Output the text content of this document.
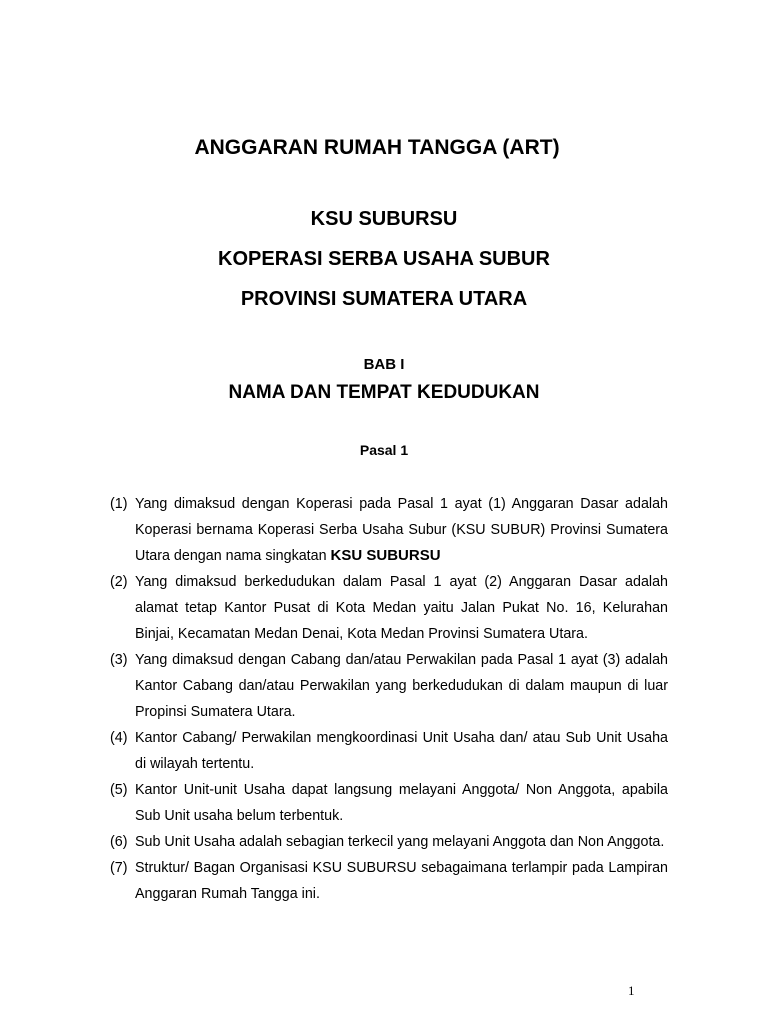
ANGGARAN RUMAH TANGGA (ART)
KSU SUBURSU
KOPERASI SERBA USAHA SUBUR
PROVINSI SUMATERA UTARA
BAB I
NAMA DAN TEMPAT KEDUDUKAN
Pasal 1
(1) Yang dimaksud dengan Koperasi pada Pasal 1 ayat (1) Anggaran Dasar adalah Koperasi bernama Koperasi Serba Usaha Subur (KSU SUBUR) Provinsi Sumatera Utara dengan nama singkatan KSU SUBURSU
(2) Yang dimaksud berkedudukan dalam Pasal 1 ayat (2) Anggaran Dasar adalah alamat tetap Kantor Pusat di Kota Medan yaitu Jalan Pukat No. 16, Kelurahan Binjai, Kecamatan Medan Denai, Kota Medan Provinsi Sumatera Utara.
(3) Yang dimaksud dengan Cabang dan/atau Perwakilan pada Pasal 1 ayat (3) adalah Kantor Cabang dan/atau Perwakilan yang berkedudukan di dalam maupun di luar Propinsi Sumatera Utara.
(4) Kantor Cabang/ Perwakilan mengkoordinasi Unit Usaha dan/ atau Sub Unit Usaha di wilayah tertentu.
(5) Kantor Unit-unit Usaha dapat langsung melayani Anggota/ Non Anggota, apabila Sub Unit usaha belum terbentuk.
(6) Sub Unit Usaha adalah sebagian terkecil yang melayani Anggota dan Non Anggota.
(7) Struktur/ Bagan Organisasi KSU SUBURSU sebagaimana terlampir pada Lampiran Anggaran Rumah Tangga ini.
1
